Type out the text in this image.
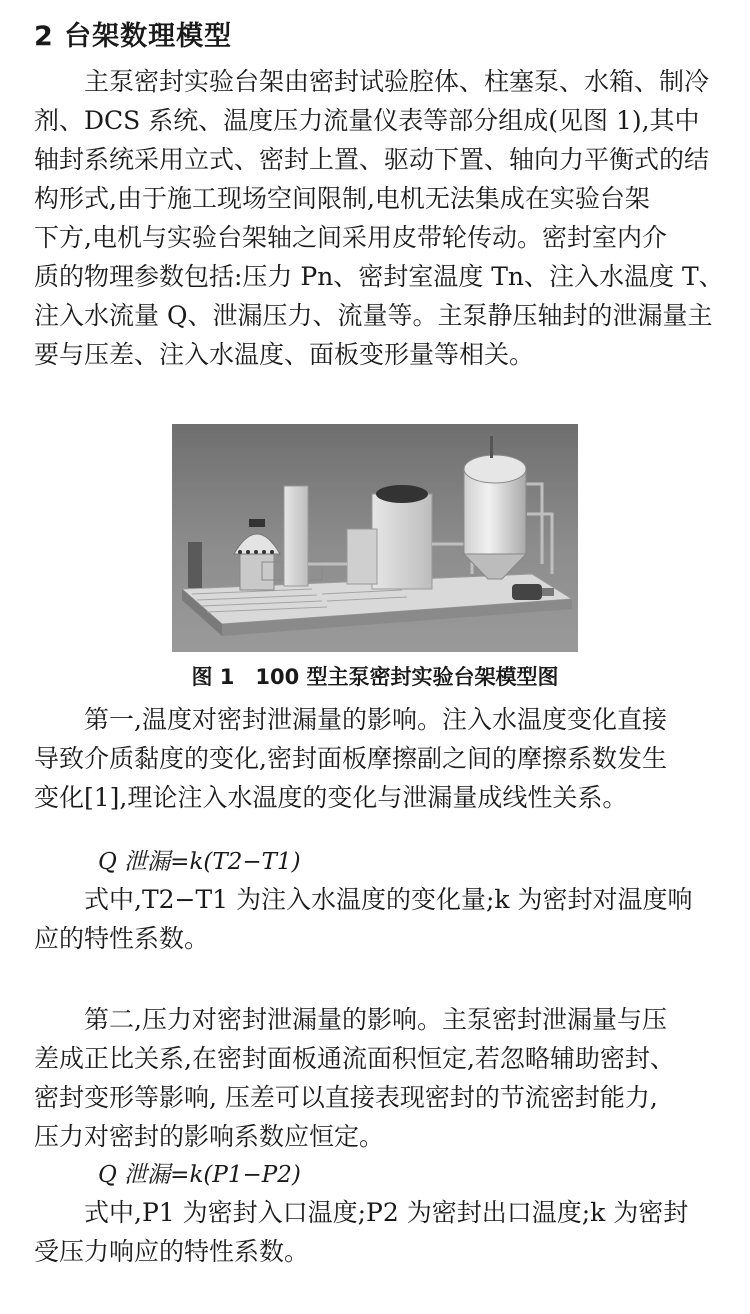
2 台架数理模型

主泵密封实验台架由密封试验腔体、柱塞泵、水箱、制冷
剂、DCS 系统、温度压力流量仪表等部分组成(见图 1),其中
轴封系统采用立式、密封上置、驱动下置、轴向力平衡式的结
构形式,由于施工现场空间限制,电机无法集成在实验台架
下方,电机与实验台架轴之间采用皮带轮传动。密封室内介
质的物理参数包括:压力 Pn、密封室温度 Tn、注入水温度 T、
注入水流量 Q、泄漏压力、流量等。主泵静压轴封的泄漏量主
要与压差、注入水温度、面板变形量等相关。

图 1　100 型主泵密封实验台架模型图

第一,温度对密封泄漏量的影响。注入水温度变化直接
导致介质黏度的变化,密封面板摩擦副之间的摩擦系数发生
变化[1],理论注入水温度的变化与泄漏量成线性关系。

Q 泄漏=k(T2−T1)

式中,T2−T1 为注入水温度的变化量;k 为密封对温度响
应的特性系数。

第二,压力对密封泄漏量的影响。主泵密封泄漏量与压
差成正比关系,在密封面板通流面积恒定,若忽略辅助密封、
密封变形等影响, 压差可以直接表现密封的节流密封能力,
压力对密封的影响系数应恒定。

Q 泄漏=k(P1−P2)

式中,P1 为密封入口温度;P2 为密封出口温度;k 为密封
受压力响应的特性系数。
